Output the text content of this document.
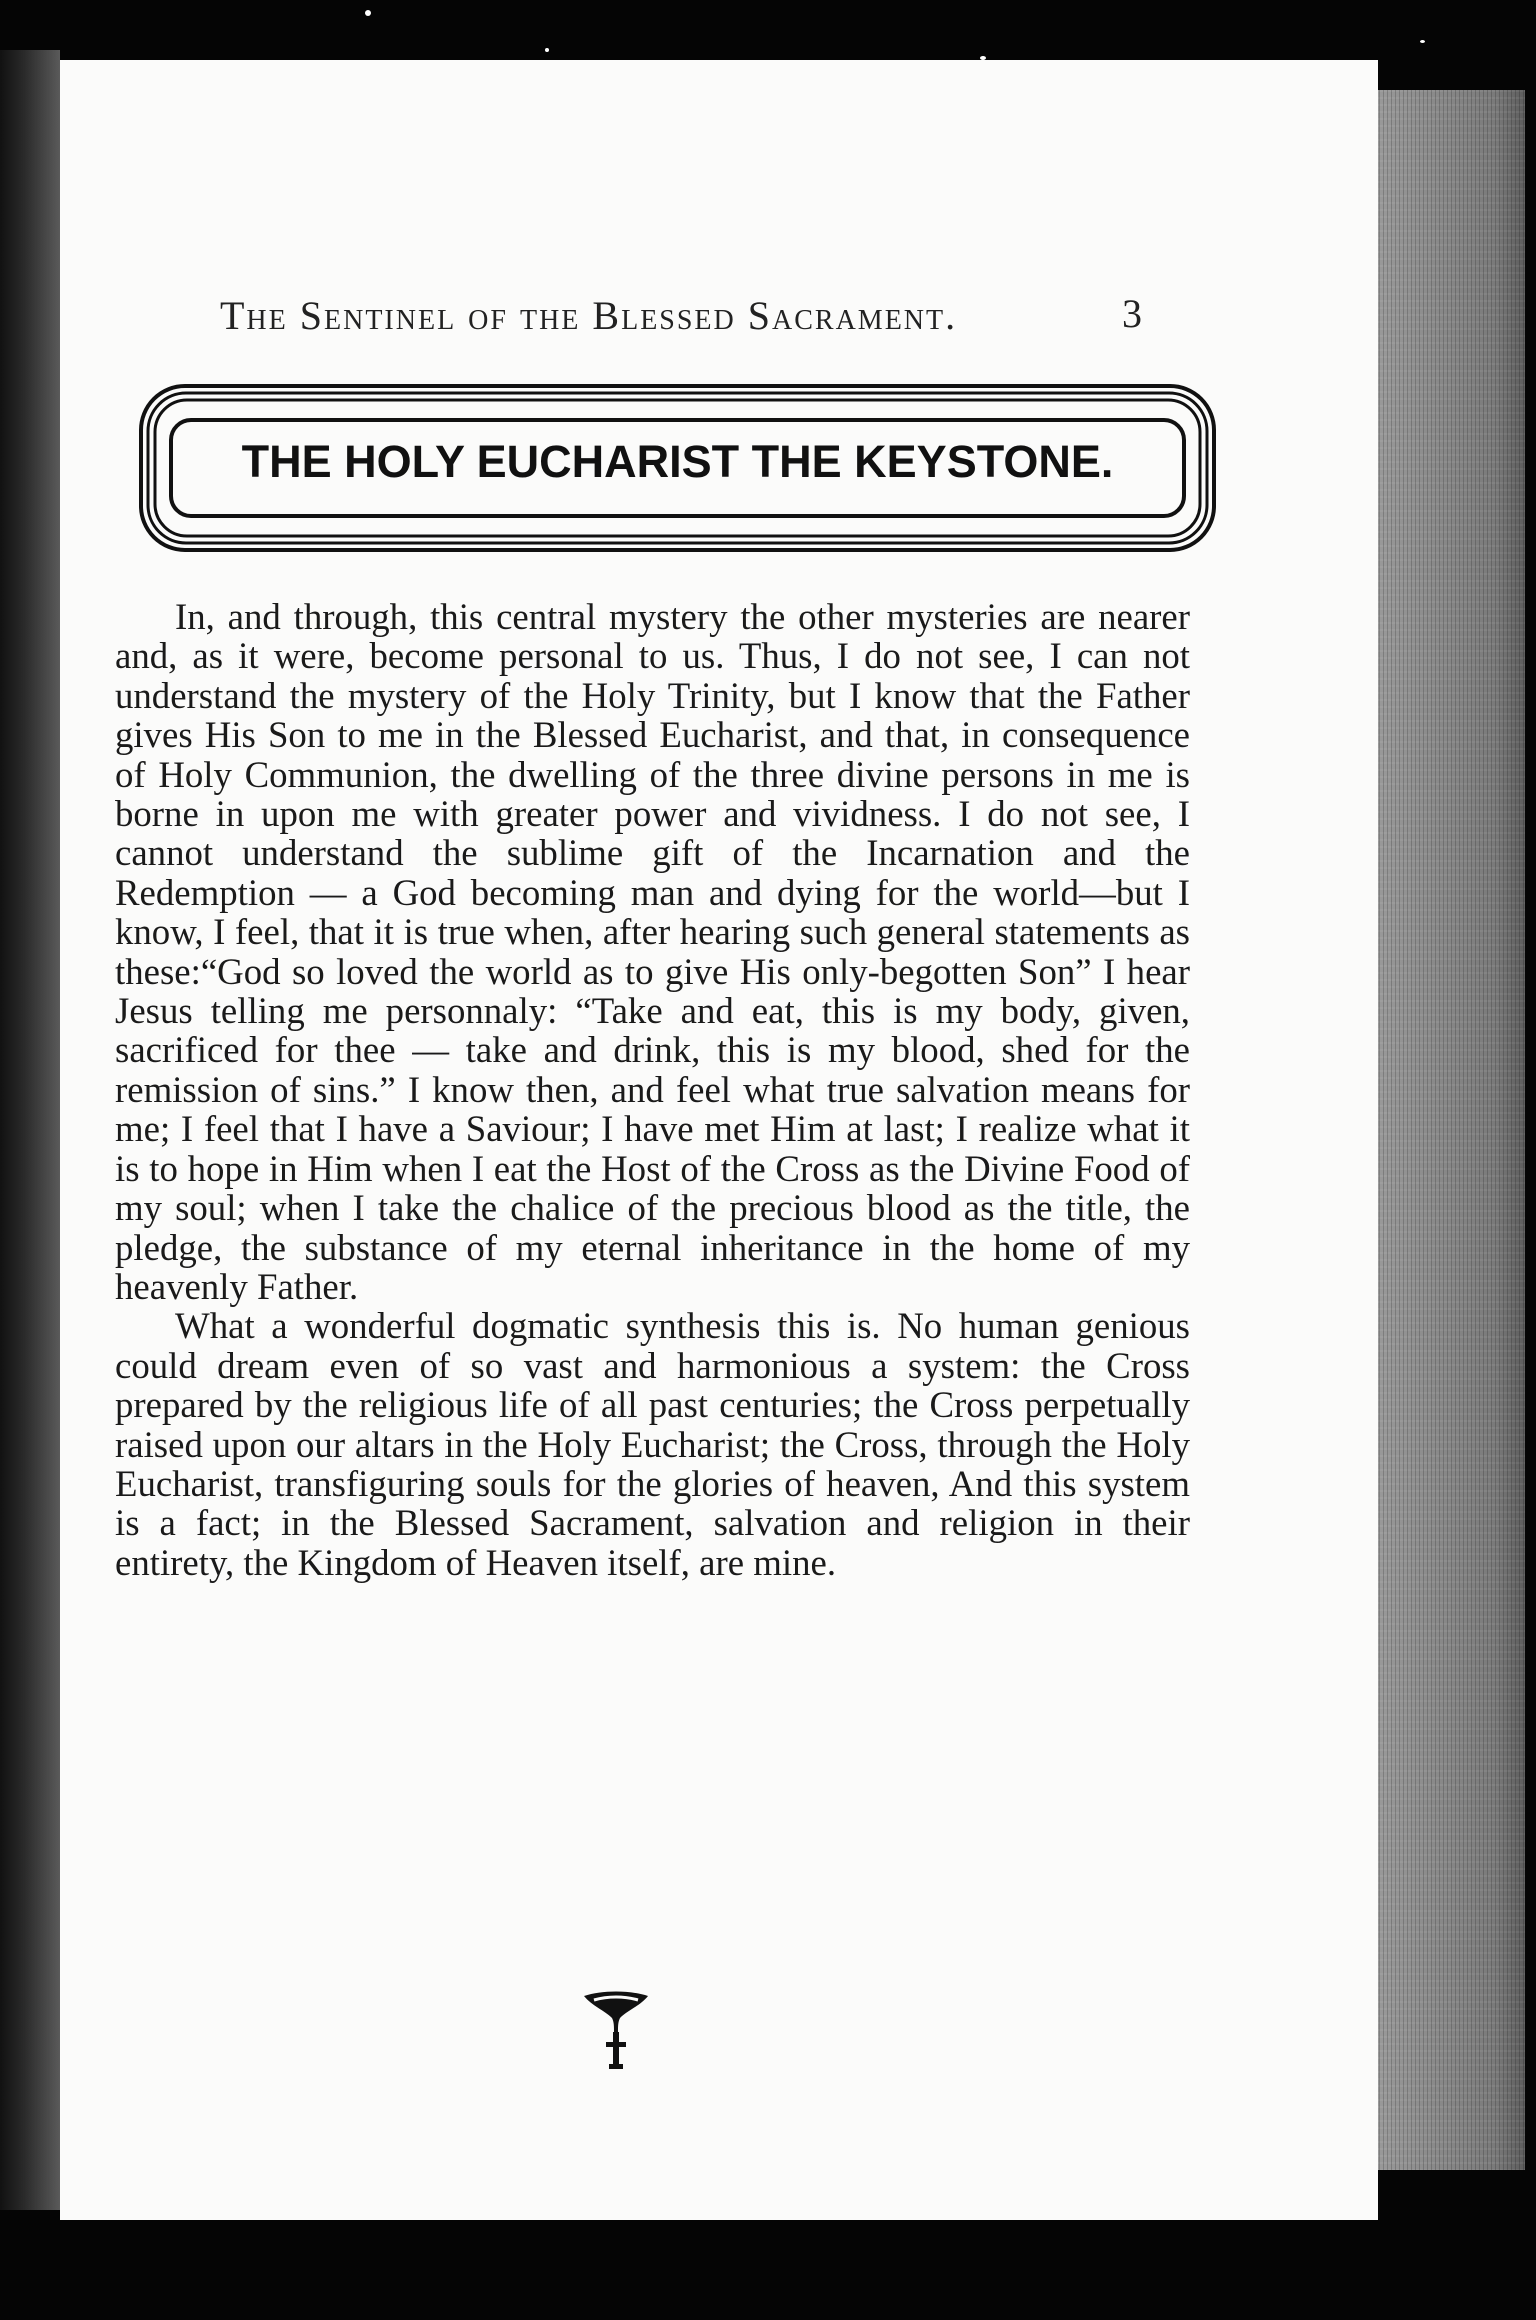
The Sentinel of the Blessed Sacrament.	3
THE HOLY EUCHARIST THE KEYSTONE.

In, and through, this central mystery the other mysteries are nearer and, as it were, become personal to us. Thus, I do not see, I can not understand the mystery of the Holy Trinity, but I know that the Father gives His Son to me in the Blessed Eucharist, and that, in consequence of Holy Communion, the dwelling of the three divine persons in me is borne in upon me with greater power and vividness. I do not see, I cannot understand the sublime gift of the Incarnation and the Redemption — a God becoming man and dying for the world—but I know, I feel, that it is true when, after hearing such general statements as these:“God so loved the world as to give His only-begotten Son” I hear Jesus telling me personnaly: “Take and eat, this is my body, given, sacrificed for thee — take and drink, this is my blood, shed for the remission of sins.” I know then, and feel what true salvation means for me; I feel that I have a Saviour; I have met Him at last; I realize what it is to hope in Him when I eat the Host of the Cross as the Divine Food of my soul; when I take the chalice of the precious blood as the title, the pledge, the substance of my eternal inheritance in the home of my heavenly Father.

What a wonderful dogmatic synthesis this is. No human genious could dream even of so vast and harmonious a system: the Cross prepared by the religious life of all past centuries; the Cross perpetually raised upon our altars in the Holy Eucharist; the Cross, through the Holy Eucharist, transfiguring souls for the glories of heaven, And this system is a fact; in the Blessed Sacrament, salvation and religion in their entirety, the Kingdom of Heaven itself, are mine.
